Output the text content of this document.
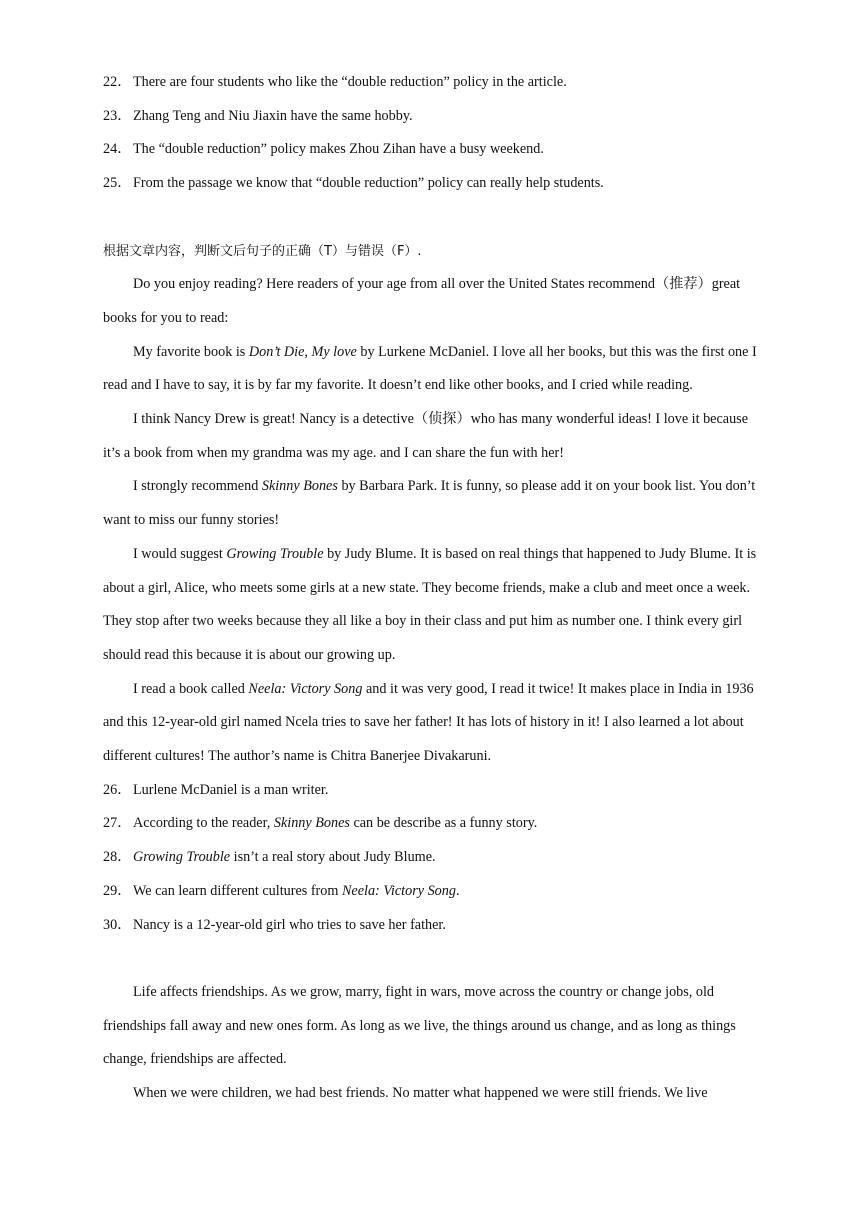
22． There are four students who like the “double reduction” policy in the article.

23． Zhang Teng and Niu Jiaxin have the same hobby.

24． The “double reduction” policy makes Zhou Zihan have a busy weekend.

25． From the passage we know that “double reduction” policy can really help students.

根据文章内容，判断文后句子的正确（T）与错误（F）.

Do you enjoy reading? Here readers of your age from all over the United States recommend（推荐）great books for you to read:

My favorite book is Don’t Die, My love by Lurkene McDaniel. I love all her books, but this was the first one I read and I have to say, it is by far my favorite. It doesn’t end like other books, and I cried while reading.

I think Nancy Drew is great! Nancy is a detective（侦探）who has many wonderful ideas! I love it because it’s a book from when my grandma was my age. and I can share the fun with her!

I strongly recommend Skinny Bones by Barbara Park. It is funny, so please add it on your book list. You don’t want to miss our funny stories!

I would suggest Growing Trouble by Judy Blume. It is based on real things that happened to Judy Blume. It is about a girl, Alice, who meets some girls at a new state. They become friends, make a club and meet once a week. They stop after two weeks because they all like a boy in their class and put him as number one. I think every girl should read this because it is about our growing up.

I read a book called Neela: Victory Song and it was very good, I read it twice! It makes place in India in 1936 and this 12-year-old girl named Ncela tries to save her father! It has lots of history in it! I also learned a lot about different cultures! The author’s name is Chitra Banerjee Divakaruni.

26． Lurlene McDaniel is a man writer.

27． According to the reader, Skinny Bones can be describe as a funny story.

28． Growing Trouble isn’t a real story about Judy Blume.

29． We can learn different cultures from Neela: Victory Song.

30． Nancy is a 12-year-old girl who tries to save her father.

Life affects friendships. As we grow, marry, fight in wars, move across the country or change jobs, old friendships fall away and new ones form. As long as we live, the things around us change, and as long as things change, friendships are affected.

When we were children, we had best friends. No matter what happened we were still friends. We live
